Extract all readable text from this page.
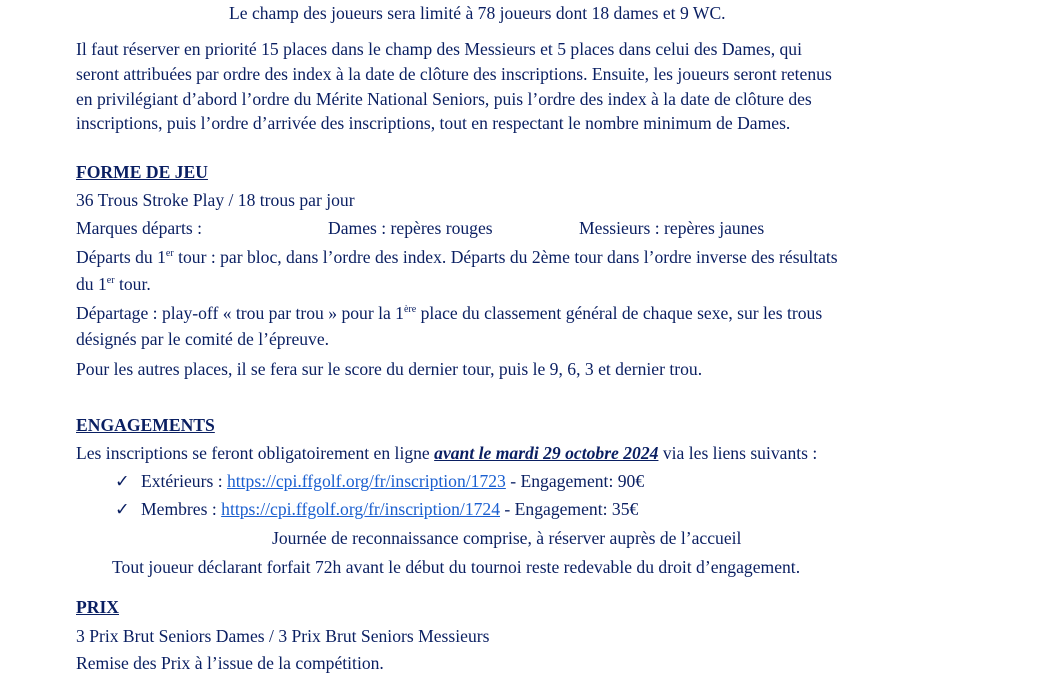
Le champ des joueurs sera limité à 78 joueurs dont 18 dames et 9 WC.
Il faut réserver en priorité 15 places dans le champ des Messieurs et 5 places dans celui des Dames, qui
seront attribuées par ordre des index à la date de clôture des inscriptions. Ensuite, les joueurs seront retenus
en privilégiant d’abord l’ordre du Mérite National Seniors, puis l’ordre des index à la date de clôture des
inscriptions, puis l’ordre d’arrivée des inscriptions, tout en respectant le nombre minimum de Dames.
FORME DE JEU
36 Trous Stroke Play / 18 trous par jour
Marques départs :	Dames : repères rouges	Messieurs : repères jaunes
Départs du 1er tour : par bloc, dans l’ordre des index. Départs du 2ème tour dans l’ordre inverse des résultats
du 1er tour.
Départage : play-off « trou par trou » pour la 1ère place du classement général de chaque sexe, sur les trous
désignés par le comité de l’épreuve.
Pour les autres places, il se fera sur le score du dernier tour, puis le 9, 6, 3 et dernier trou.
ENGAGEMENTS
Les inscriptions se feront obligatoirement en ligne avant le mardi 29 octobre 2024 via les liens suivants :
✓ Extérieurs : https://cpi.ffgolf.org/fr/inscription/1723 - Engagement: 90€
✓ Membres : https://cpi.ffgolf.org/fr/inscription/1724 - Engagement: 35€
Journée de reconnaissance comprise, à réserver auprès de l’accueil
Tout joueur déclarant forfait 72h avant le début du tournoi reste redevable du droit d’engagement.
PRIX
3 Prix Brut Seniors Dames / 3 Prix Brut Seniors Messieurs
Remise des Prix à l’issue de la compétition.
